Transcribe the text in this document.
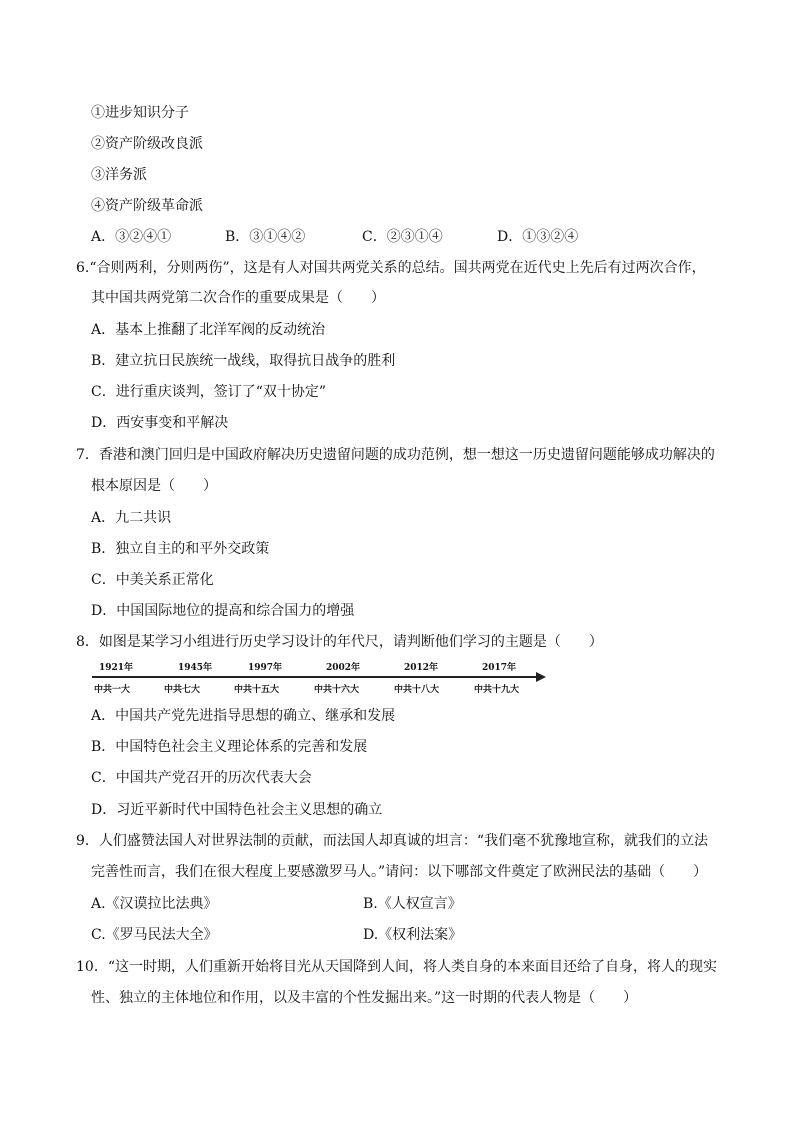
①进步知识分子
②资产阶级改良派
③洋务派
④资产阶级革命派
A．③②④①	B．③①④②	C．②③①④	D．①③②④
6.“合则两利，分则两伤”，这是有人对国共两党关系的总结。国共两党在近代史上先后有过两次合作，
其中国共两党第二次合作的重要成果是（　　）
A．基本上推翻了北洋军阀的反动统治
B．建立抗日民族统一战线，取得抗日战争的胜利
C．进行重庆谈判，签订了“双十协定”
D．西安事变和平解决
7．香港和澳门回归是中国政府解决历史遗留问题的成功范例，想一想这一历史遗留问题能够成功解决的
根本原因是（　　）
A．九二共识
B．独立自主的和平外交政策
C．中美关系正常化
D．中国国际地位的提高和综合国力的增强
8．如图是某学习小组进行历史学习设计的年代尺，请判断他们学习的主题是（　　）
1921年	1945年	1997年	2002年	2012年	2017年
中共一大	中共七大	中共十五大	中共十六大	中共十八大	中共十九大
A．中国共产党先进指导思想的确立、继承和发展
B．中国特色社会主义理论体系的完善和发展
C．中国共产党召开的历次代表大会
D．习近平新时代中国特色社会主义思想的确立
9．人们盛赞法国人对世界法制的贡献，而法国人却真诚的坦言：“我们毫不犹豫地宣称，就我们的立法
完善性而言，我们在很大程度上要感激罗马人。”请问：以下哪部文件奠定了欧洲民法的基础（　　）
A.《汉谟拉比法典》	B.《人权宣言》
C.《罗马民法大全》	D.《权利法案》
10．“这一时期，人们重新开始将目光从天国降到人间，将人类自身的本来面目还给了自身，将人的现实
性、独立的主体地位和作用，以及丰富的个性发掘出来。”这一时期的代表人物是（　　）
